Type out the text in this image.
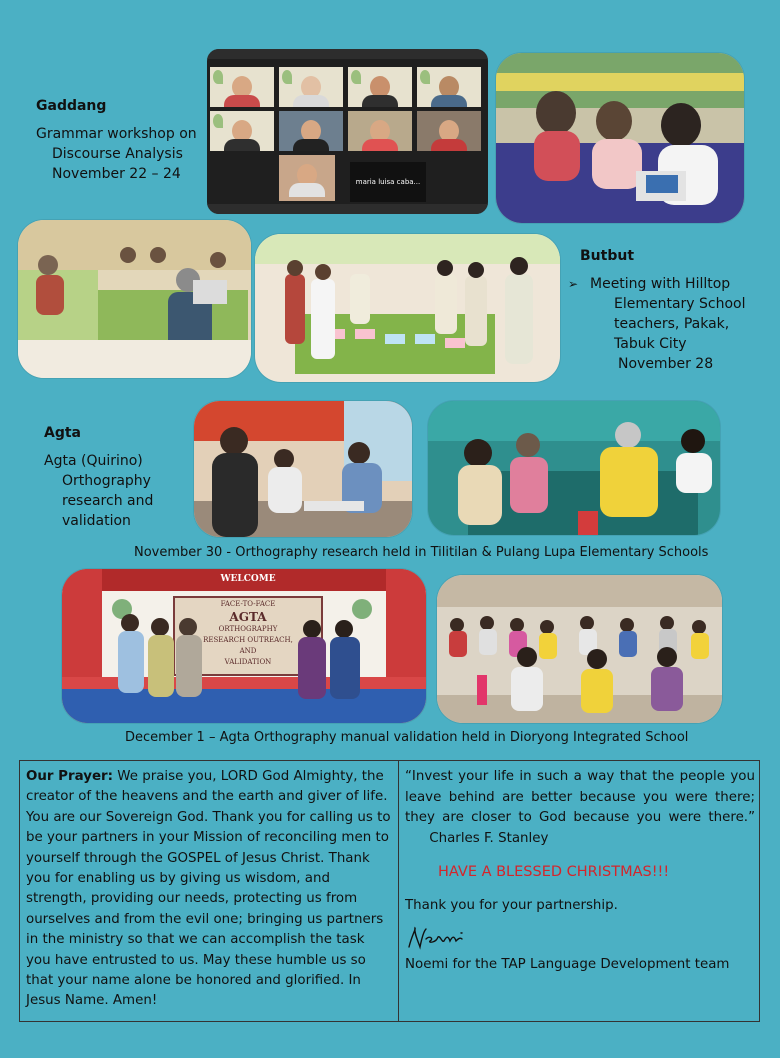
Gaddang
Grammar workshop on
Discourse Analysis
November 22 – 24	maria luisa caba...
Butbut
➢ Meeting with Hilltop
Elementary School
teachers, Pakak,
Tabuk City
November 28
Agta
Agta (Quirino)
Orthography
research and
validation
November 30 - Orthography research held in Tilitilan & Pulang Lupa Elementary Schools
WELCOME
FACE-TO-FACE
AGTA
ORTHOGRAPHY
RESEARCH OUTREACH,
AND
VALIDATION
December 1 – Agta Orthography manual validation held in Dioryong Integrated School
Our Prayer: We praise you, LORD God Almighty, the creator of the heavens and the earth and giver of life. You are our Sovereign God. Thank you for calling us to be your partners in your Mission of reconciling men to yourself through the GOSPEL of Jesus Christ. Thank you for enabling us by giving us wisdom, and strength, providing our needs, protecting us from ourselves and from the evil one; bringing us partners in the ministry so that we can accomplish the task you have entrusted to us. May these humble us so that your name alone be honored and glorified. In Jesus Name. Amen!
“Invest your life in such a way that the people you leave behind are better because you were there; they are closer to God because you were there.”  Charles F. Stanley
HAVE A BLESSED CHRISTMAS!!!
Thank you for your partnership.
Noemi for the TAP Language Development team
